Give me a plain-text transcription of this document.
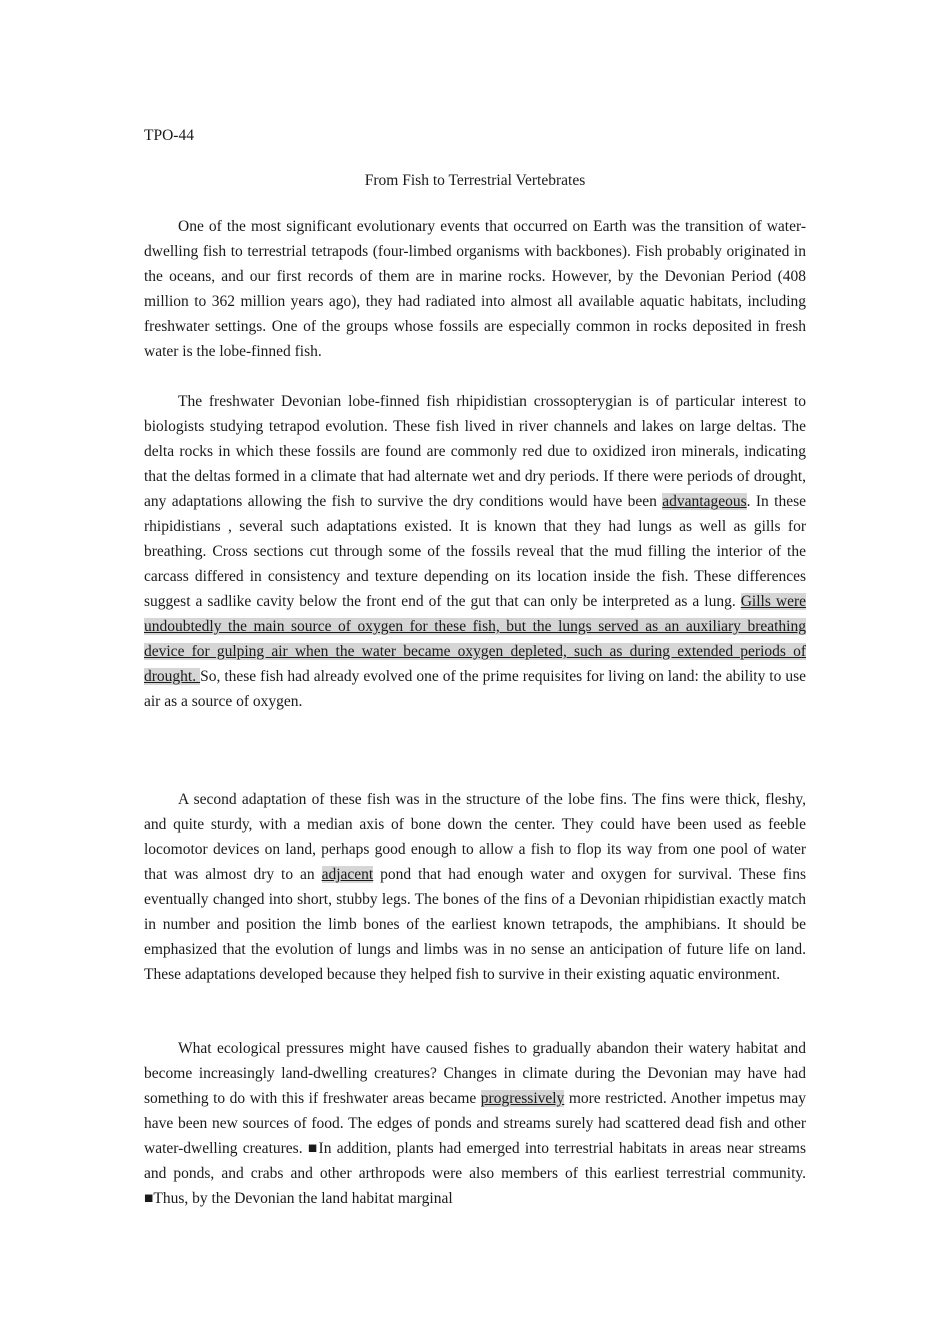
TPO-44
From Fish to Terrestrial Vertebrates

One of the most significant evolutionary events that occurred on Earth was the transition of water-dwelling fish to terrestrial tetrapods (four-limbed organisms with backbones). Fish probably originated in the oceans, and our first records of them are in marine rocks. However, by the Devonian Period (408 million to 362 million years ago), they had radiated into almost all available aquatic habitats, including freshwater settings. One of the groups whose fossils are especially common in rocks deposited in fresh water is the lobe-finned fish.

The freshwater Devonian lobe-finned fish rhipidistian crossopterygian is of particular interest to biologists studying tetrapod evolution. These fish lived in river channels and lakes on large deltas. The delta rocks in which these fossils are found are commonly red due to oxidized iron minerals, indicating that the deltas formed in a climate that had alternate wet and dry periods. If there were periods of drought, any adaptations allowing the fish to survive the dry conditions would have been advantageous. In these rhipidistians , several such adaptations existed. It is known that they had lungs as well as gills for breathing. Cross sections cut through some of the fossils reveal that the mud filling the interior of the carcass differed in consistency and texture depending on its location inside the fish. These differences suggest a sadlike cavity below the front end of the gut that can only be interpreted as a lung. Gills were undoubtedly the main source of oxygen for these fish, but the lungs served as an auxiliary breathing device for gulping air when the water became oxygen depleted, such as during extended periods of drought. So, these fish had already evolved one of the prime requisites for living on land: the ability to use air as a source of oxygen.

A second adaptation of these fish was in the structure of the lobe fins. The fins were thick, fleshy, and quite sturdy, with a median axis of bone down the center. They could have been used as feeble locomotor devices on land, perhaps good enough to allow a fish to flop its way from one pool of water that was almost dry to an adjacent pond that had enough water and oxygen for survival. These fins eventually changed into short, stubby legs. The bones of the fins of a Devonian rhipidistian exactly match in number and position the limb bones of the earliest known tetrapods, the amphibians. It should be emphasized that the evolution of lungs and limbs was in no sense an anticipation of future life on land. These adaptations developed because they helped fish to survive in their existing aquatic environment.

What ecological pressures might have caused fishes to gradually abandon their watery habitat and become increasingly land-dwelling creatures? Changes in climate during the Devonian may have had something to do with this if freshwater areas became progressively more restricted. Another impetus may have been new sources of food. The edges of ponds and streams surely had scattered dead fish and other water-dwelling creatures. ■In addition, plants had emerged into terrestrial habitats in areas near streams and ponds, and crabs and other arthropods were also members of this earliest terrestrial community. ■Thus, by the Devonian the land habitat marginal
